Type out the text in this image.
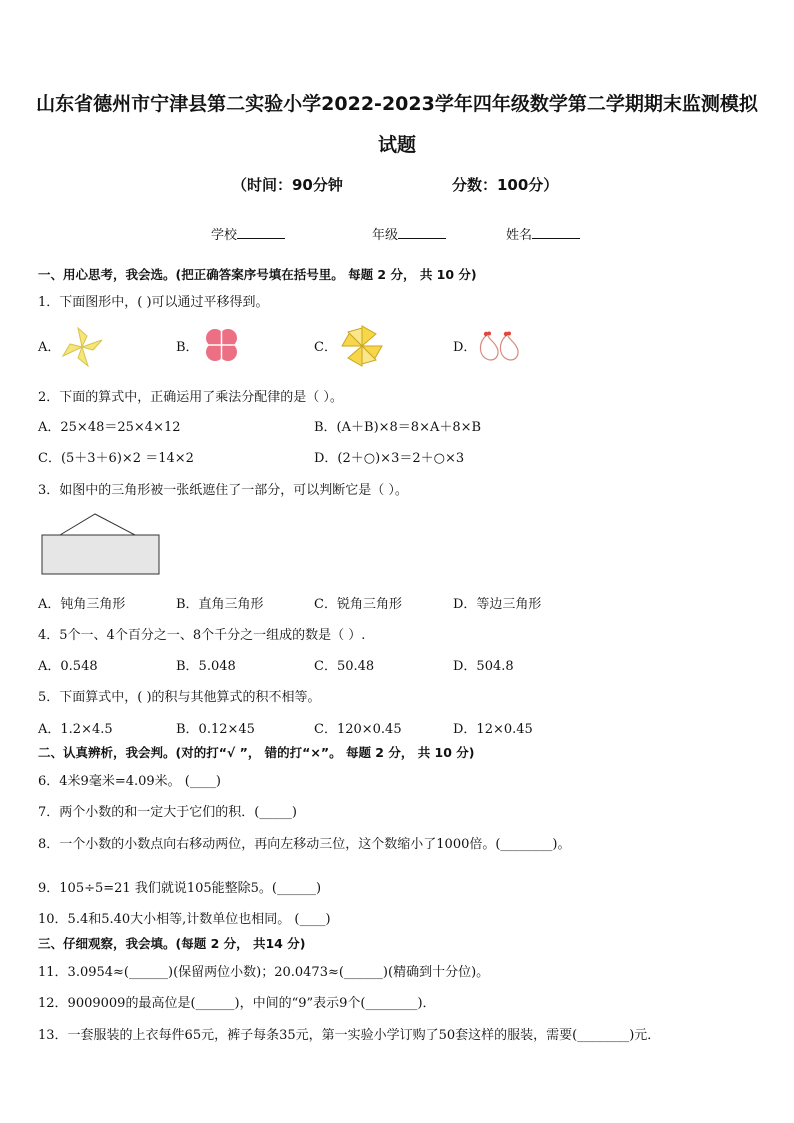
山东省德州市宁津县第二实验小学2022-2023学年四年级数学第二学期期末监测模拟
试题
（时间：90分钟	分数：100分）
学校	年级	姓名
一、用心思考，我会选。(把正确答案序号填在括号里。 每题 2 分， 共 10 分)
1．下面图形中，( )可以通过平移得到。
A．	B．	C．	D．
2．下面的算式中，正确运用了乘法分配律的是（ ）。
A．25×48＝25×4×12	B．(A＋B)×8＝8×A＋8×B
C．(5＋3＋6)×2 ＝14×2	D．(2＋○)×3＝2＋○×3
3．如图中的三角形被一张纸遮住了一部分，可以判断它是（ ）。
A．钝角三角形	B．直角三角形	C．锐角三角形	D．等边三角形
4．5个一、4个百分之一、8个千分之一组成的数是（ ）.
A．0.548	B．5.048	C．50.48	D．504.8
5．下面算式中，( )的积与其他算式的积不相等。
A．1.2×4.5	B．0.12×45	C．120×0.45	D．12×0.45
二、认真辨析，我会判。(对的打“√ ”， 错的打“×”。 每题 2 分， 共 10 分)
6．4米9毫米=4.09米。 (____)
7．两个小数的和一定大于它们的积．(_____)
8．一个小数的小数点向右移动两位，再向左移动三位，这个数缩小了1000倍。(________)。
9．105÷5=21 我们就说105能整除5。(______)
10．5.4和5.40大小相等,计数单位也相同。 (____)
三、仔细观察，我会填。(每题 2 分， 共14 分)
11．3.0954≈(______)(保留两位小数)；20.0473≈(______)(精确到十分位)。
12．9009009的最高位是(______)，中间的“9”表示9个(________)．
13．一套服装的上衣每件65元，裤子每条35元，第一实验小学订购了50套这样的服装，需要(________)元．
